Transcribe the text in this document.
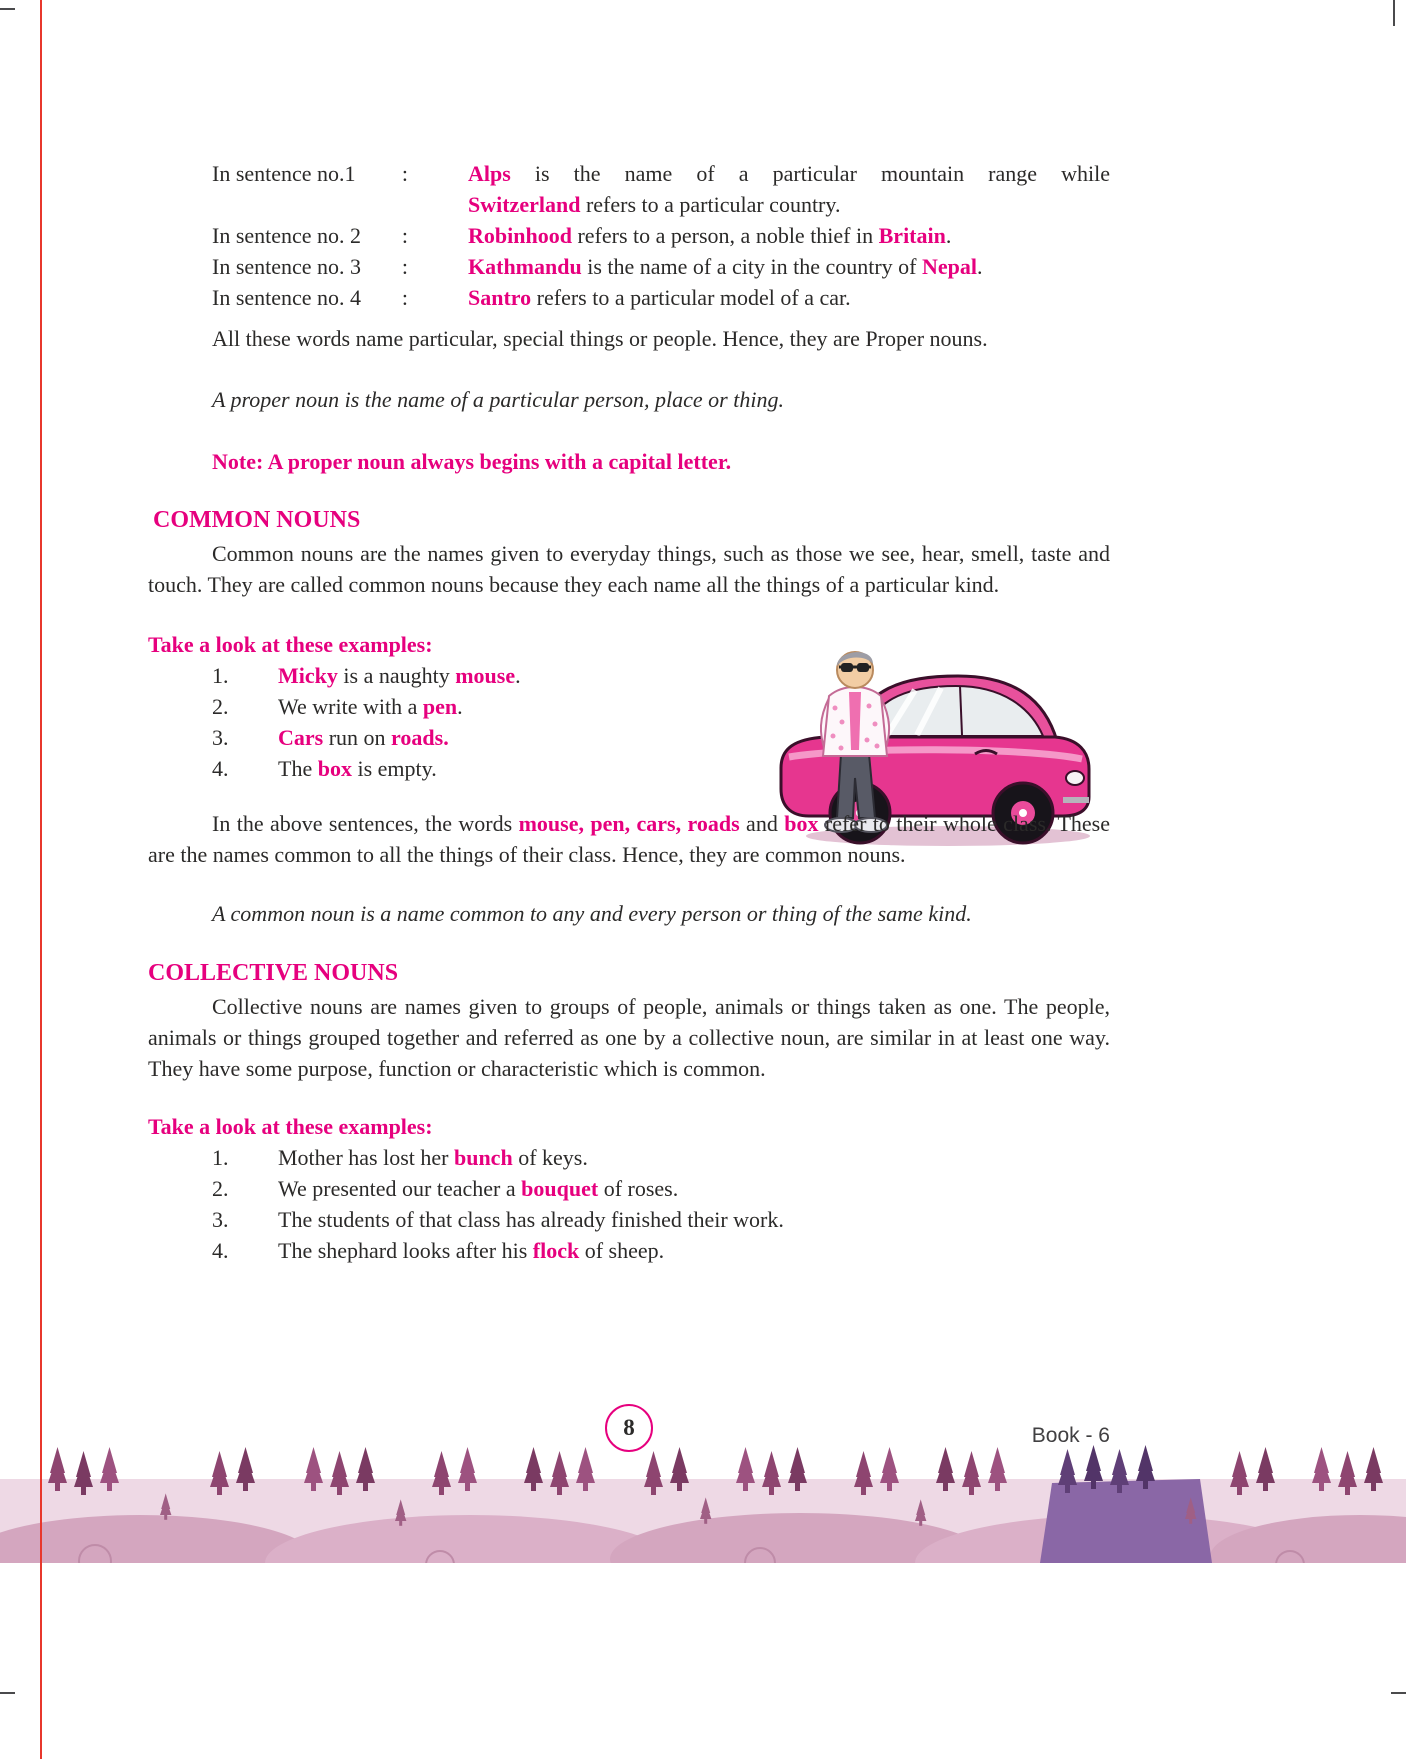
In sentence no.1 :	Alps is the name of a particular mountain range while
Switzerland refers to a particular country.
In sentence no. 2 :	Robinhood refers to a person, a noble thief in Britain.
In sentence no. 3 :	Kathmandu is the name of a city in the country of Nepal.
In sentence no. 4 :	Santro refers to a particular model of a car.

All these words name particular, special things or people. Hence, they are Proper nouns.

A proper noun is the name of a particular person, place or thing.

Note: A proper noun always begins with a capital letter.

COMMON NOUNS

Common nouns are the names given to everyday things, such as those we see, hear, smell, taste and touch. They are called common nouns because they each name all the things of a particular kind.

Take a look at these examples:

1.	Micky is a naughty mouse.
2.	We write with a pen.
3.	Cars run on roads.
4.	The box is empty.

In the above sentences, the words mouse, pen, cars, roads and box refer to their whole class. These are the names common to all the things of their class. Hence, they are common nouns.

A common noun is a name common to any and every person or thing of the same kind.

COLLECTIVE NOUNS

Collective nouns are names given to groups of people, animals or things taken as one. The people, animals or things grouped together and referred as one by a collective noun, are similar in at least one way. They have some purpose, function or characteristic which is common.

Take a look at these examples:

1.	Mother has lost her bunch of keys.
2.	We presented our teacher a bouquet of roses.
3.	The students of that class has already finished their work.
4.	The shephard looks after his flock of sheep.
8	Book - 6
